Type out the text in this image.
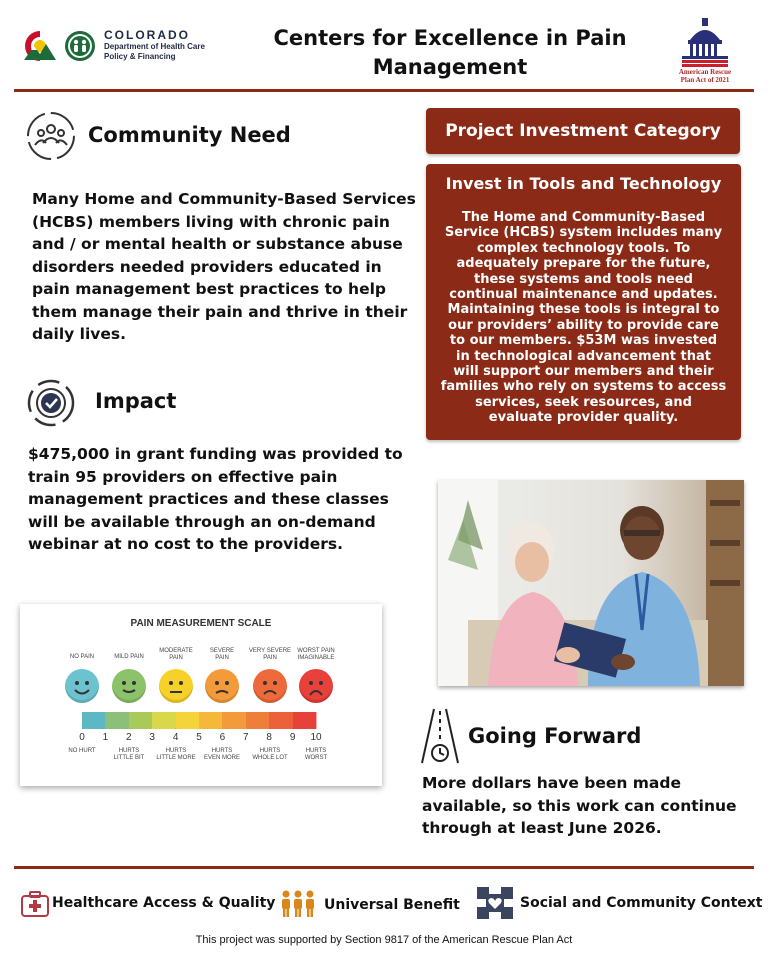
COLORADO
Department of Health Care
Policy & Financing
Centers for Excellence in Pain
Management	American Rescue
Plan Act of 2021
Community Need
Many Home and Community-Based Services
(HCBS) members living with chronic pain
and / or mental health or substance abuse
disorders needed providers educated in
pain management best practices to help
them manage their pain and thrive in their
daily lives.
Impact
$475,000 in grant funding was provided to
train 95 providers on effective pain
management practices and these classes
will be available through an on-demand
webinar at no cost to the providers.
Project Investment Category
Invest in Tools and Technology
The Home and Community-Based
Service (HCBS) system includes many
complex technology tools. To
adequately prepare for the future,
these systems and tools need
continual maintenance and updates.
Maintaining these tools is integral to
our providers’ ability to provide care
to our members. $53M was invested
in technological advancement that
will support our members and their
families who rely on systems to access
services, seek resources, and
evaluate provider quality.
PAIN MEASUREMENT SCALE
NO PAIN	MILD PAIN
MODERATE
PAIN
SEVERE
PAIN
VERY SEVERE
PAIN
WORST PAIN
IMAGINABLE
0	1	2	3	4	5	6	7	8	9	10
NO HURT	HURTS
LITTLE BIT
HURTS
LITTLE MORE
HURTS
EVEN MORE
HURTS
WHOLE LOT
HURTS
WORST
Going Forward
More dollars have been made
available, so this work can continue
through at least June 2026.
Healthcare Access & Quality	Universal Benefit	Social and Community Context
This project was supported by Section 9817 of the American Rescue Plan Act
